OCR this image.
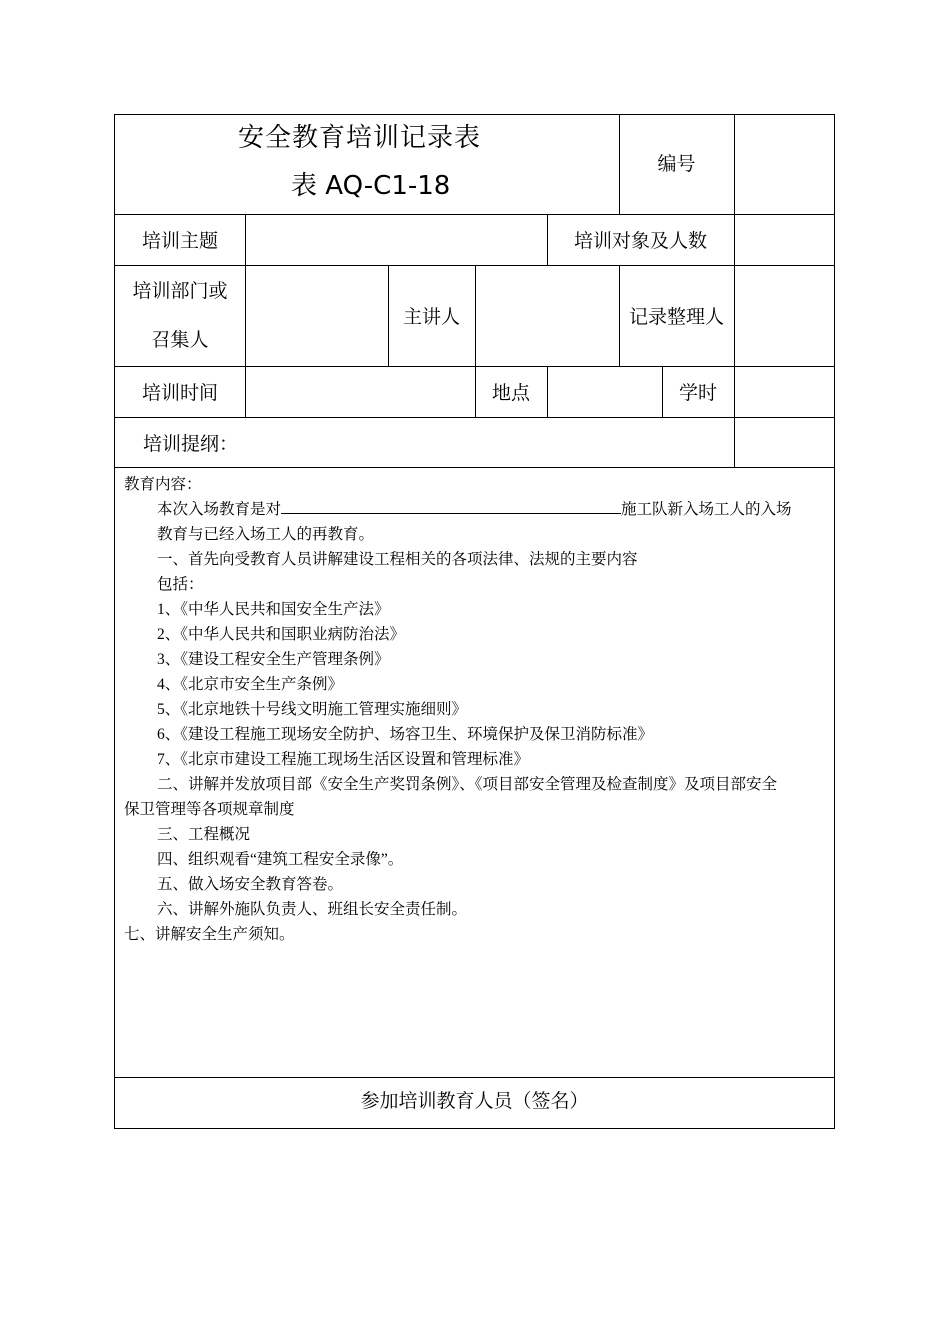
安全教育培训记录表
表 AQ-C1-18
编号
培训主题	培训对象及人数
培训部门或
召集人
主讲人	记录整理人
培训时间	地点	学时
培训提纲：
教育内容：
本次入场教育是对	施工队新入场工人的入场
教育与已经入场工人的再教育。
一、首先向受教育人员讲解建设工程相关的各项法律、法规的主要内容
包括：
1、《中华人民共和国安全生产法》
2、《中华人民共和国职业病防治法》
3、《建设工程安全生产管理条例》
4、《北京市安全生产条例》
5、《北京地铁十号线文明施工管理实施细则》
6、《建设工程施工现场安全防护、场容卫生、环境保护及保卫消防标准》
7、《北京市建设工程施工现场生活区设置和管理标准》
二、讲解并发放项目部《安全生产奖罚条例》、《项目部安全管理及检查制度》及项目部安全
保卫管理等各项规章制度
三、工程概况
四、组织观看“建筑工程安全录像”。
五、做入场安全教育答卷。
六、讲解外施队负责人、班组长安全责任制。
七、讲解安全生产须知。
参加培训教育人员（签名）
